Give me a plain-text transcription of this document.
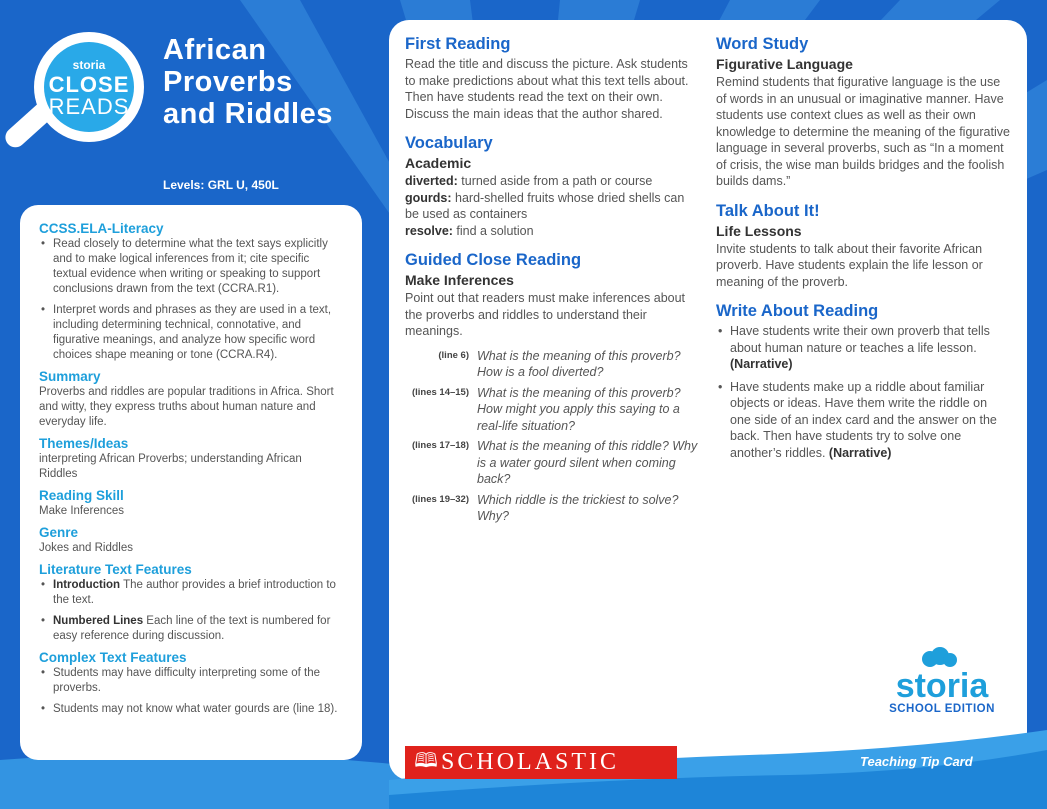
storia
CLOSE
READS
African
Proverbs
and Riddles
Levels: GRL U, 450L
CCSS.ELA-Literacy
• Read closely to determine what the text says explicitly and to make logical inferences from it; cite specific textual evidence when writing or speaking to support conclusions drawn from the text (CCRA.R1).
• Interpret words and phrases as they are used in a text, including determining technical, connotative, and figurative meanings, and analyze how specific word choices shape meaning or tone (CCRA.R4).
Summary
Proverbs and riddles are popular traditions in Africa. Short and witty, they express truths about human nature and everyday life.
Themes/Ideas
interpreting African Proverbs; understanding African Riddles
Reading Skill
Make Inferences
Genre
Jokes and Riddles
Literature Text Features
• Introduction The author provides a brief introduction to the text.
• Numbered Lines Each line of the text is numbered for easy reference during discussion.
Complex Text Features
• Students may have difficulty interpreting some of the proverbs.
• Students may not know what water gourds are (line 18).
First Reading
Read the title and discuss the picture. Ask students to make predictions about what this text tells about. Then have students read the text on their own. Discuss the main ideas that the author shared.
Vocabulary
Academic
diverted: turned aside from a path or course
gourds: hard-shelled fruits whose dried shells can be used as containers
resolve: find a solution
Guided Close Reading
Make Inferences
Point out that readers must make inferences about the proverbs and riddles to understand their meanings.
(line 6) What is the meaning of this proverb? How is a fool diverted?
(lines 14–15) What is the meaning of this proverb? How might you apply this saying to a real-life situation?
(lines 17–18) What is the meaning of this riddle? Why is a water gourd silent when coming back?
(lines 19–32) Which riddle is the trickiest to solve? Why?
Word Study
Figurative Language
Remind students that figurative language is the use of words in an unusual or imaginative manner. Have students use context clues as well as their own knowledge to determine the meaning of the figurative language in several proverbs, such as “In a moment of crisis, the wise man builds bridges and the foolish builds dams.”
Talk About It!
Life Lessons
Invite students to talk about their favorite African proverb. Have students explain the life lesson or meaning of the proverb.
Write About Reading
• Have students write their own proverb that tells about human nature or teaches a life lesson. (Narrative)
• Have students make up a riddle about familiar objects or ideas. Have them write the riddle on one side of an index card and the answer on the back. Then have students try to solve one another’s riddles. (Narrative)
storia
SCHOOL EDITION
🕮 SCHOLASTIC	Teaching Tip Card
